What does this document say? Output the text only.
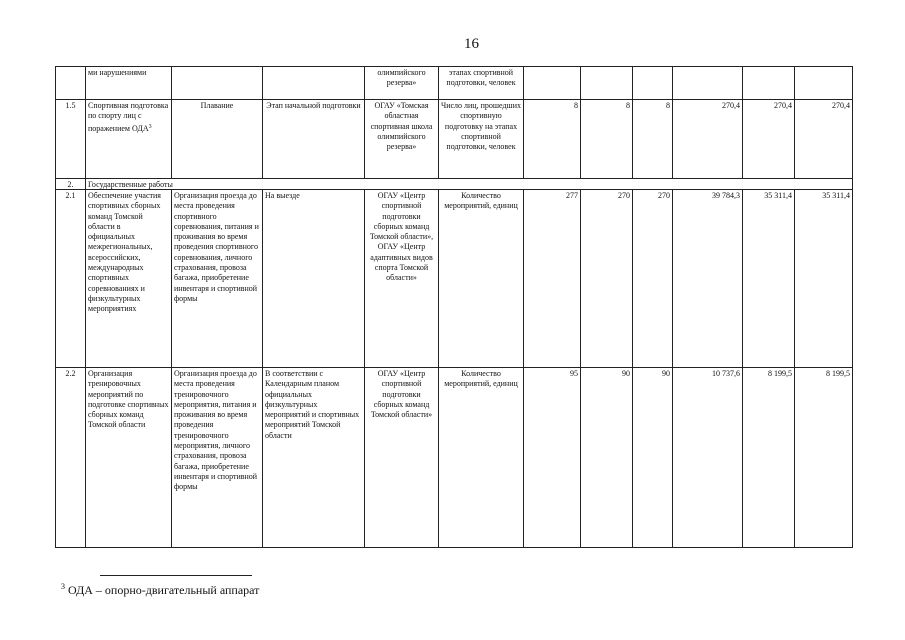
16
	ми нарушениями			олимпийского резерва»	этапах спортивной подготовки, человек						
1.5	Спортивная подготовка по спорту лиц с поражением ОДА$^3$	Плавание	Этап начальной подготовки	ОГАУ «Томская областная спортивная школа олимпийского резерва»	Число лиц, прошедших спортивную подготовку на этапах спортивной подготовки, человек	8	8	8	270,4	270,4	270,4
2.	Государственные работы										
2.1	Обеспечение участия спортивных сборных команд Томской области в официальных межрегиональных, всероссийских, международных спортивных соревнованиях и физкультурных мероприятиях	Организация проезда до места проведения спортивного соревнования, питания и проживания во время проведения спортивного соревнования, личного страхования, провоза багажа, приобретение инвентаря и спортивной формы	На выезде	ОГАУ «Центр спортивной подготовки сборных команд Томской области», ОГАУ «Центр адаптивных видов спорта Томской области»	Количество мероприятий, единиц	277	270	270	39 784,3	35 311,4	35 311,4
2.2	Организация тренировочных мероприятий по подготовке спортивных сборных команд Томской области	Организация проезда до места проведения тренировочного мероприятия, питания и проживания во время проведения тренировочного мероприятия, личного страхования, провоза багажа, приобретение инвентаря и спортивной формы	В соответствии с Календарным планом официальных физкультурных мероприятий и спортивных мероприятий Томской области	ОГАУ «Центр спортивной подготовки сборных команд Томской области»	Количество мероприятий, единиц	95	90	90	10 737,6	8 199,5	8 199,5
$^3$ ОДА – опорно-двигательный аппарат
